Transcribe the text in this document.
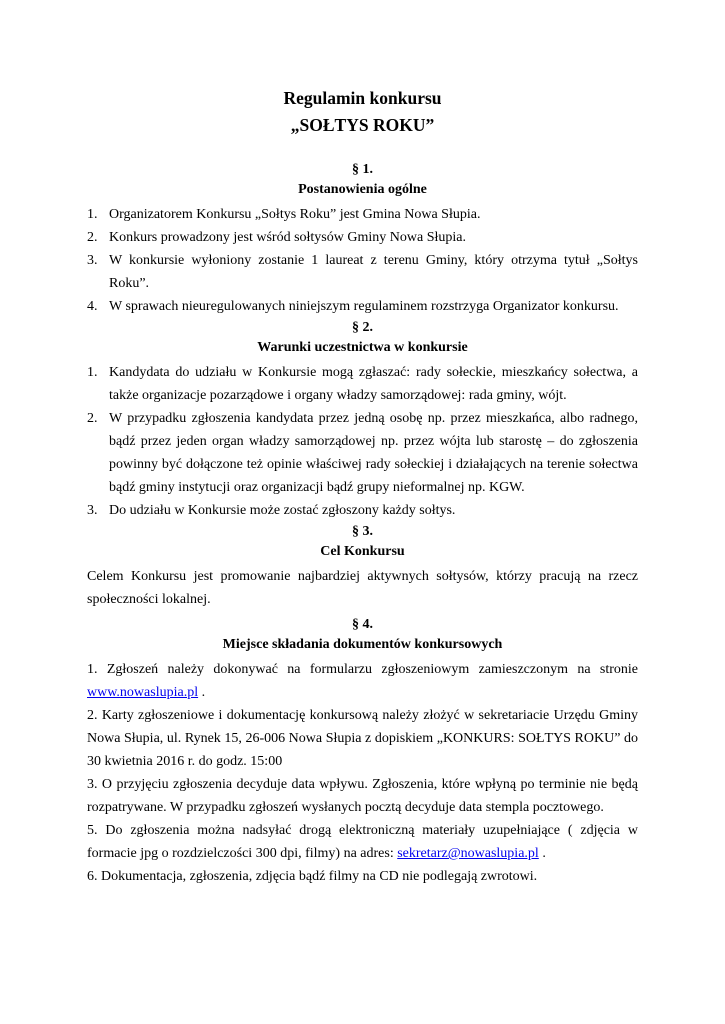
Regulamin konkursu
„SOŁTYS ROKU”
§ 1.
Postanowienia ogólne
1. Organizatorem Konkursu „Sołtys Roku” jest Gmina Nowa Słupia.
2. Konkurs prowadzony jest wśród sołtysów Gminy Nowa Słupia.
3. W konkursie wyłoniony zostanie 1 laureat z terenu Gminy, który otrzyma tytuł „Sołtys Roku”.
4. W sprawach nieuregulowanych niniejszym regulaminem rozstrzyga Organizator konkursu.
§ 2.
Warunki uczestnictwa w konkursie
1. Kandydata do udziału w Konkursie mogą zgłaszać: rady sołeckie, mieszkańcy sołectwa, a także organizacje pozarządowe i organy władzy samorządowej: rada gminy, wójt.
2. W przypadku zgłoszenia kandydata przez jedną osobę np. przez mieszkańca, albo radnego, bądź przez jeden organ władzy samorządowej np. przez wójta lub starostę – do zgłoszenia powinny być dołączone też opinie właściwej rady sołeckiej i działających na terenie sołectwa bądź gminy instytucji oraz organizacji bądź grupy nieformalnej np. KGW.
3. Do udziału w Konkursie może zostać zgłoszony każdy sołtys.
§ 3.
Cel Konkursu

Celem Konkursu jest promowanie najbardziej aktywnych sołtysów, którzy pracują na rzecz społeczności lokalnej.

§ 4.
Miejsce składania dokumentów konkursowych

1. Zgłoszeń należy dokonywać na formularzu zgłoszeniowym zamieszczonym na stronie www.nowaslupia.pl .

2. Karty zgłoszeniowe i dokumentację konkursową należy złożyć w sekretariacie Urzędu Gminy Nowa Słupia, ul. Rynek 15, 26-006 Nowa Słupia z dopiskiem „KONKURS: SOŁTYS ROKU” do 30 kwietnia 2016 r. do godz. 15:00

3. O przyjęciu zgłoszenia decyduje data wpływu. Zgłoszenia, które wpłyną po terminie nie będą rozpatrywane. W przypadku zgłoszeń wysłanych pocztą decyduje data stempla pocztowego.

5. Do zgłoszenia można nadsyłać drogą elektroniczną materiały uzupełniające ( zdjęcia w formacie jpg o rozdzielczości 300 dpi, filmy) na adres: sekretarz@nowaslupia.pl .

6. Dokumentacja, zgłoszenia, zdjęcia bądź filmy na CD nie podlegają zwrotowi.
